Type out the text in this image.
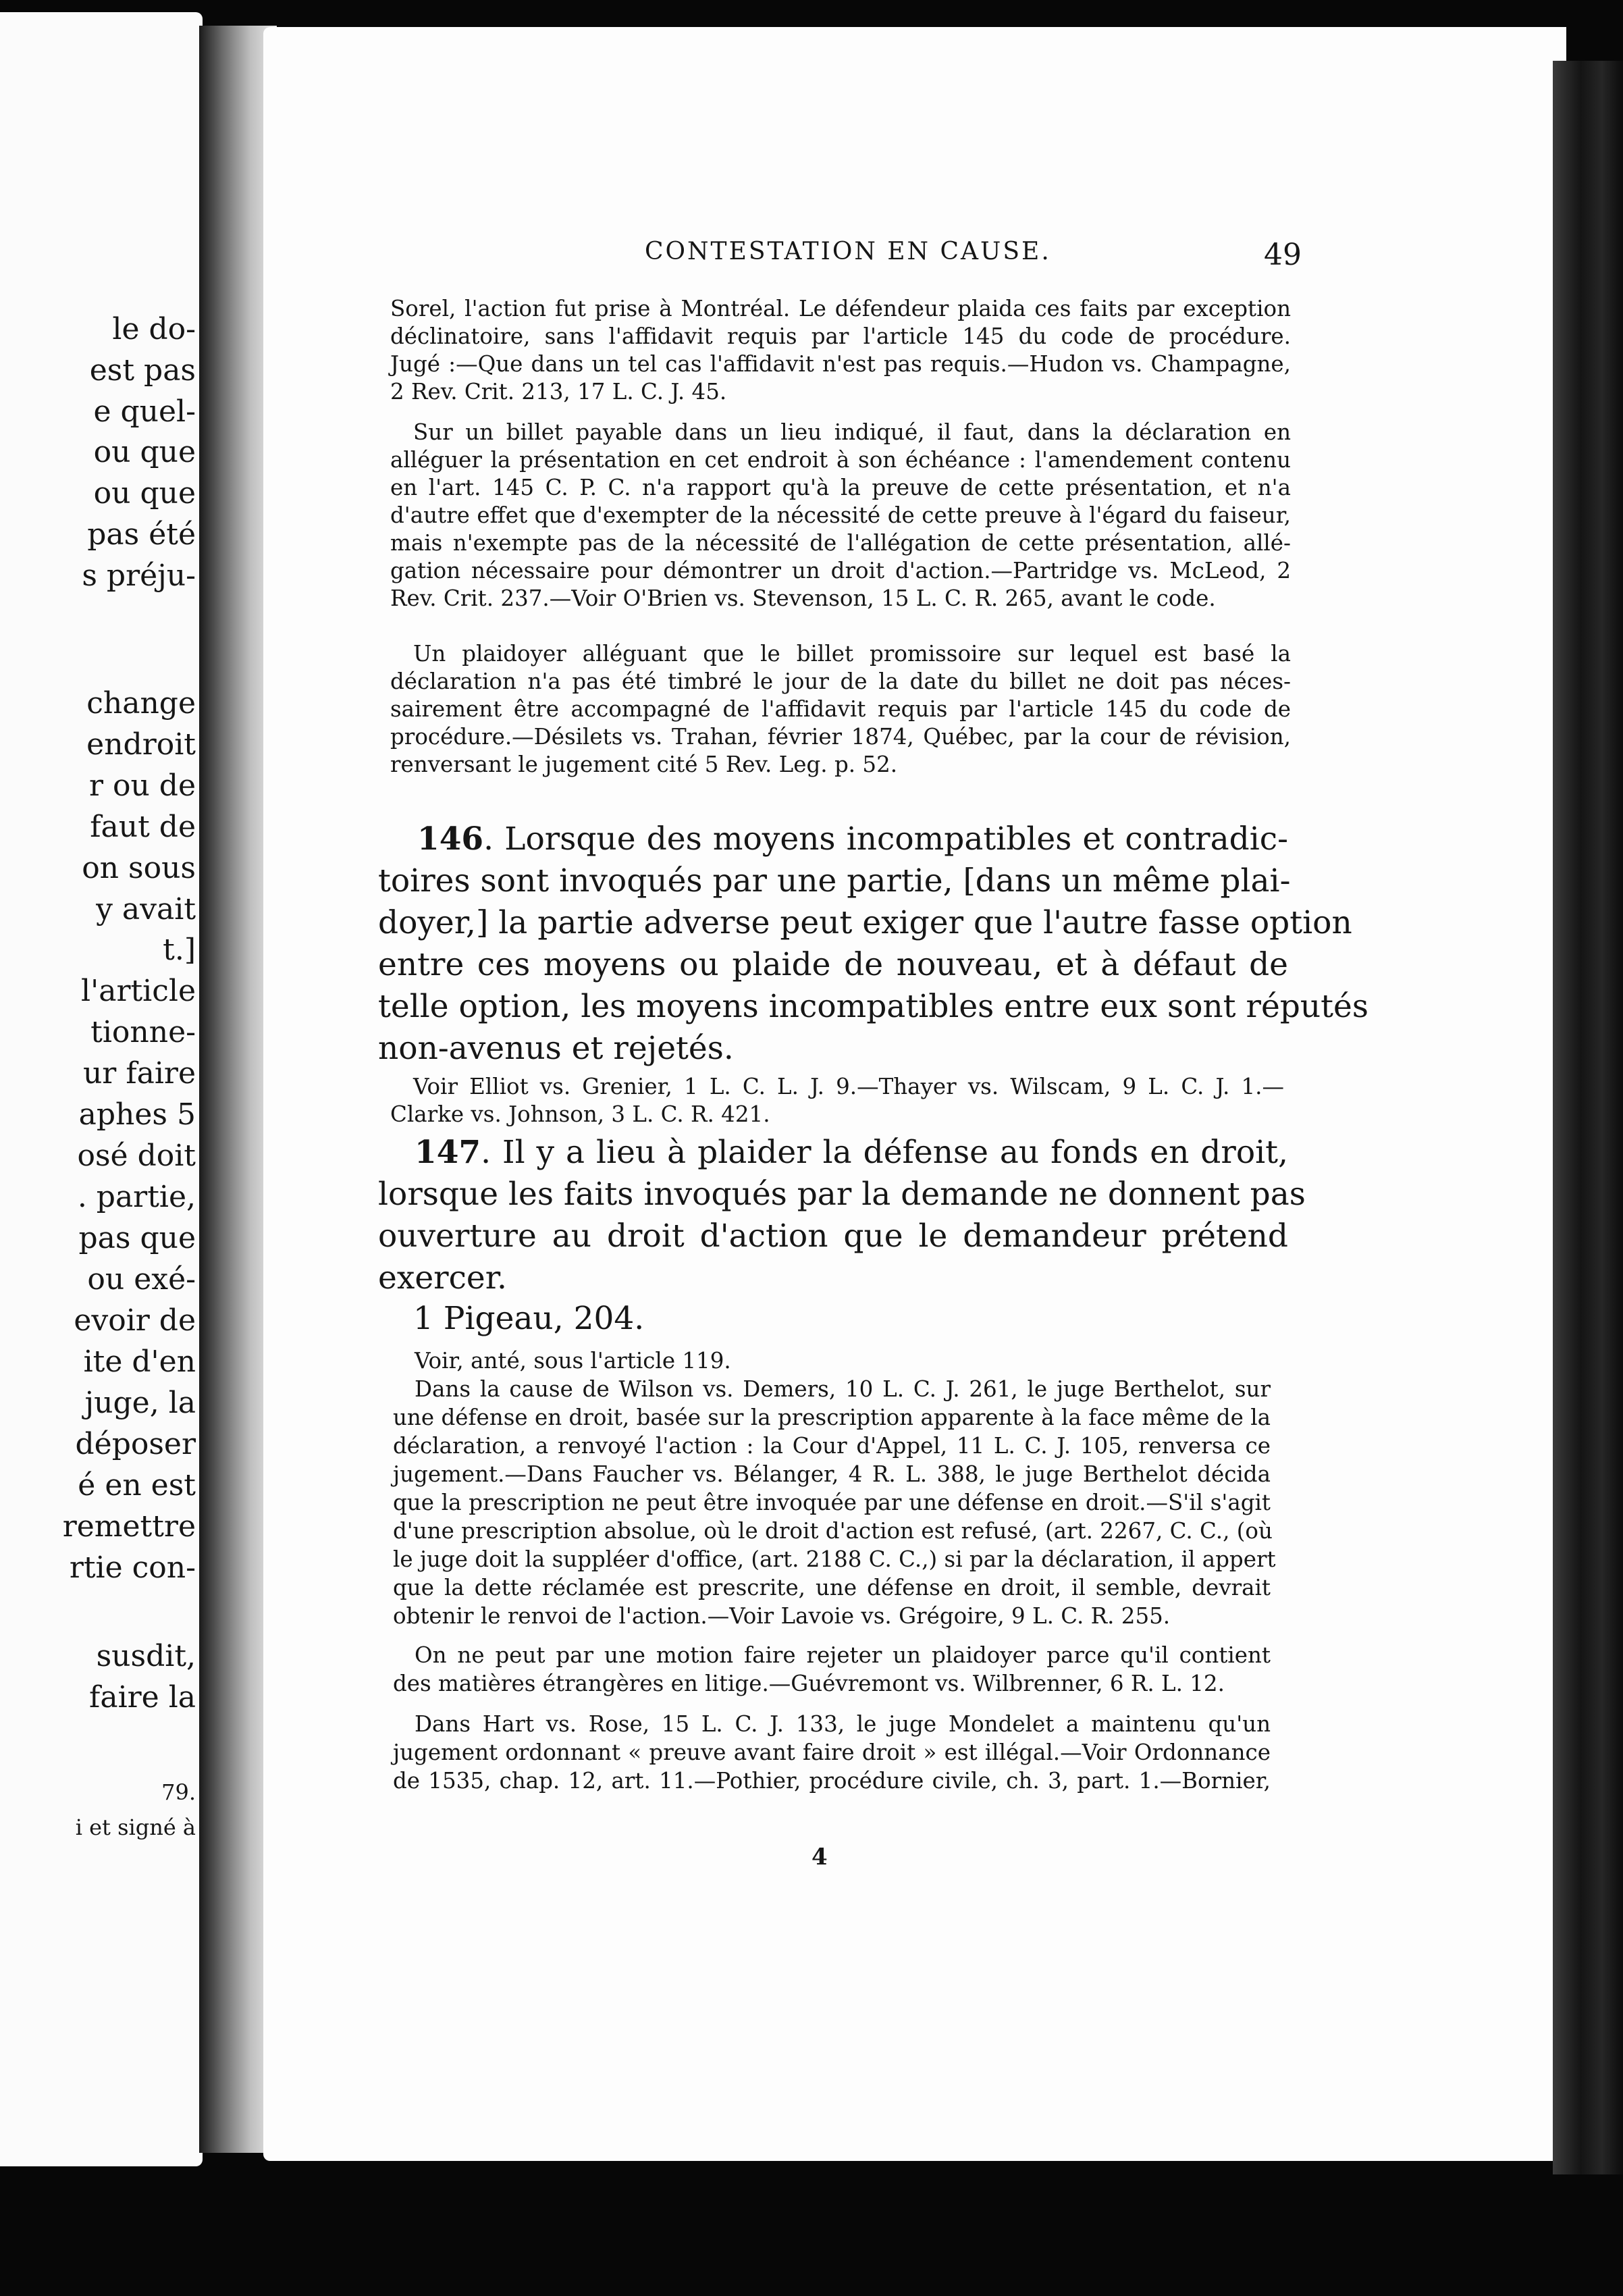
le do-
est pas
e quel-
ou que
ou que
pas été
s préju-
change
endroit
r ou de
faut de
on sous
y avait
t.]
l'article
tionne-
ur faire
aphes 5
osé doit
. partie,
pas que
ou exé-
evoir de
ite d'en
juge, la
déposer
é en est
remettre
rtie con-
susdit,
faire la
79.
i et signé à
CONTESTATION EN CAUSE.	49
Sorel, l'action fut prise à Montréal. Le défendeur plaida ces faits par exception
déclinatoire, sans l'affidavit requis par l'article 145 du code de procédure.
Jugé :—Que dans un tel cas l'affidavit n'est pas requis.—Hudon vs. Champagne,
2 Rev. Crit. 213, 17 L. C. J. 45.
Sur un billet payable dans un lieu indiqué, il faut, dans la déclaration en
alléguer la présentation en cet endroit à son échéance : l'amendement contenu
en l'art. 145 C. P. C. n'a rapport qu'à la preuve de cette présentation, et n'a
d'autre effet que d'exempter de la nécessité de cette preuve à l'égard du faiseur,
mais n'exempte pas de la nécessité de l'allégation de cette présentation, allé-
gation nécessaire pour démontrer un droit d'action.—Partridge vs. McLeod, 2
Rev. Crit. 237.—Voir O'Brien vs. Stevenson, 15 L. C. R. 265, avant le code.
Un plaidoyer alléguant que le billet promissoire sur lequel est basé la
déclaration n'a pas été timbré le jour de la date du billet ne doit pas néces-
sairement être accompagné de l'affidavit requis par l'article 145 du code de
procédure.—Désilets vs. Trahan, février 1874, Québec, par la cour de révision,
renversant le jugement cité 5 Rev. Leg. p. 52.
146. Lorsque des moyens incompatibles et contradic-
toires sont invoqués par une partie, [dans un même plai-
doyer,] la partie adverse peut exiger que l'autre fasse option
entre ces moyens ou plaide de nouveau, et à défaut de
telle option, les moyens incompatibles entre eux sont réputés
non-avenus et rejetés.
Voir Elliot vs. Grenier, 1 L. C. L. J. 9.—Thayer vs. Wilscam, 9 L. C. J. 1.—
Clarke vs. Johnson, 3 L. C. R. 421.
147. Il y a lieu à plaider la défense au fonds en droit,
lorsque les faits invoqués par la demande ne donnent pas
ouverture au droit d'action que le demandeur prétend
exercer.
1 Pigeau, 204.
Voir, anté, sous l'article 119.
Dans la cause de Wilson vs. Demers, 10 L. C. J. 261, le juge Berthelot, sur
une défense en droit, basée sur la prescription apparente à la face même de la
déclaration, a renvoyé l'action : la Cour d'Appel, 11 L. C. J. 105, renversa ce
jugement.—Dans Faucher vs. Bélanger, 4 R. L. 388, le juge Berthelot décida
que la prescription ne peut être invoquée par une défense en droit.—S'il s'agit
d'une prescription absolue, où le droit d'action est refusé, (art. 2267, C. C., (où
le juge doit la suppléer d'office, (art. 2188 C. C.,) si par la déclaration, il appert
que la dette réclamée est prescrite, une défense en droit, il semble, devrait
obtenir le renvoi de l'action.—Voir Lavoie vs. Grégoire, 9 L. C. R. 255.
On ne peut par une motion faire rejeter un plaidoyer parce qu'il contient
des matières étrangères en litige.—Guévremont vs. Wilbrenner, 6 R. L. 12.
Dans Hart vs. Rose, 15 L. C. J. 133, le juge Mondelet a maintenu qu'un
jugement ordonnant « preuve avant faire droit » est illégal.—Voir Ordonnance
de 1535, chap. 12, art. 11.—Pothier, procédure civile, ch. 3, part. 1.—Bornier,
4
